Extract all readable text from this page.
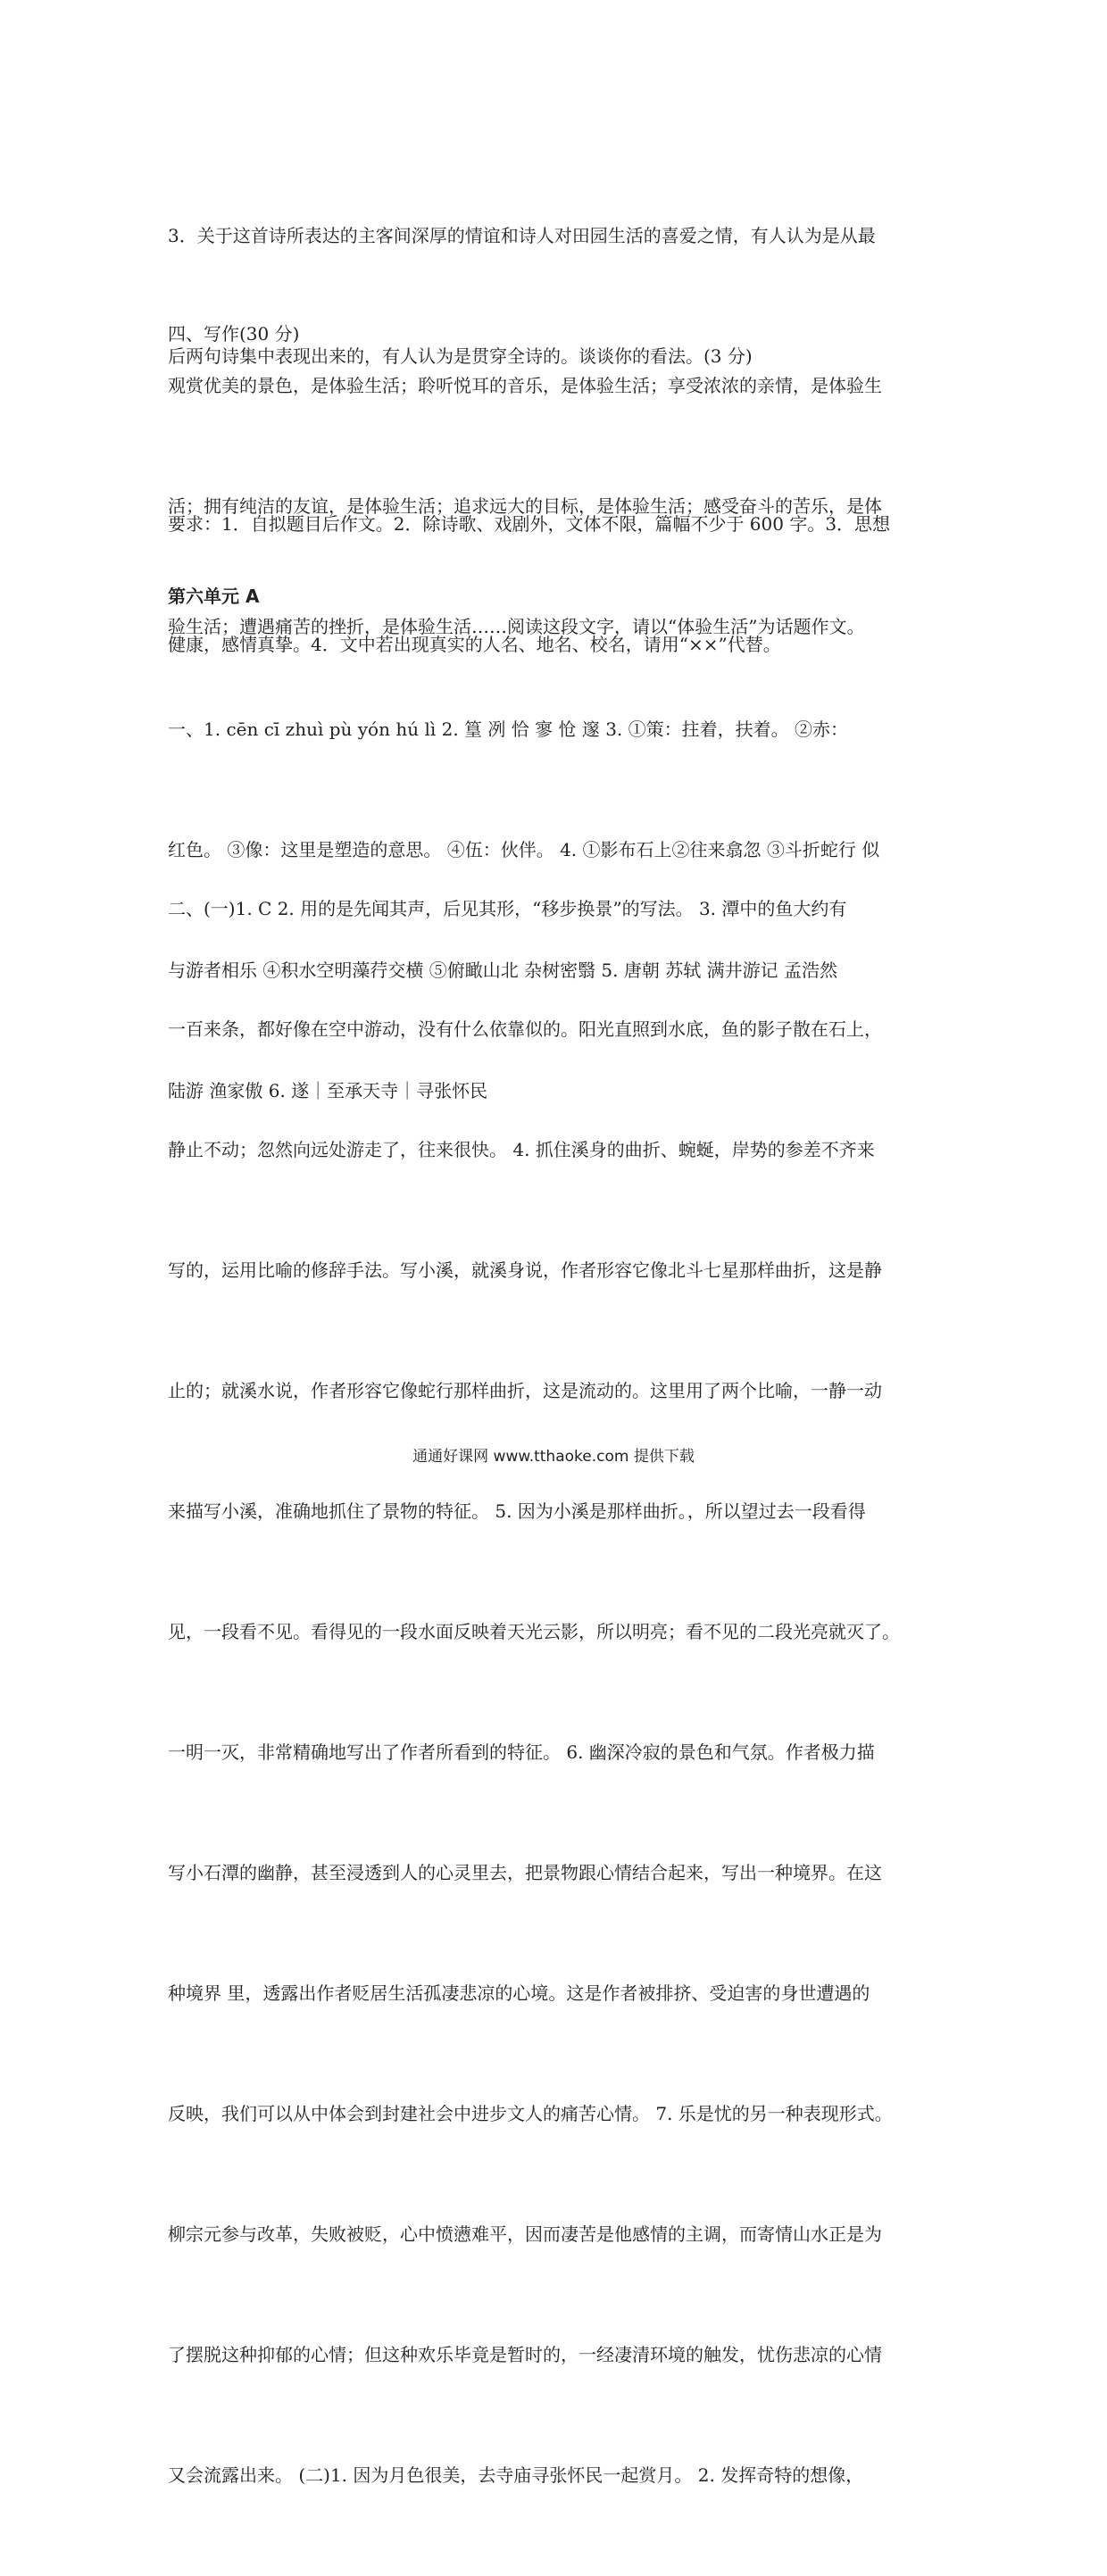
3．关于这首诗所表达的主客间深厚的情谊和诗人对田园生活的喜爱之情，有人认为是从最

后两句诗集中表现出来的，有人认为是贯穿全诗的。谈谈你的看法。(3 分)

四、写作(30 分)

观赏优美的景色，是体验生活；聆听悦耳的音乐，是体验生活；享受浓浓的亲情，是体验生

活；拥有纯洁的友谊，是体验生活；追求远大的目标，是体验生活；感受奋斗的苦乐，是体

验生活；遭遇痛苦的挫折，是体验生活……阅读这段文字，请以“体验生活”为话题作文。

要求：1．自拟题目后作文。2．除诗歌、戏剧外，文体不限，篇幅不少于 600 字。3．思想

健康，感情真挚。4．文中若出现真实的人名、地名、校名，请用“××”代替。

第六单元 A

一、1. cēn cī zhuì pù yón hú lì 2. 篁 冽 恰 寥 怆 邃 3. ①策：拄着，扶着。 ②赤：

红色。 ③像：这里是塑造的意思。 ④伍：伙伴。 4. ①影布石上②往来翕忽 ③斗折蛇行 似

与游者相乐 ④积水空明藻荇交横 ⑤俯瞰山北 杂树密翳 5. 唐朝 苏轼 满井游记 孟浩然

陆游 渔家傲 6. 遂｜至承天寺｜寻张怀民

二、(一)1. C 2. 用的是先闻其声，后见其形，“移步换景”的写法。 3. 潭中的鱼大约有

一百来条，都好像在空中游动，没有什么依靠似的。阳光直照到水底，鱼的影子散在石上，

静止不动；忽然向远处游走了，往来很快。 4. 抓住溪身的曲折、蜿蜒，岸势的参差不齐来

写的，运用比喻的修辞手法。写小溪，就溪身说，作者形容它像北斗七星那样曲折，这是静

止的；就溪水说，作者形容它像蛇行那样曲折，这是流动的。这里用了两个比喻，一静一动

来描写小溪，准确地抓住了景物的特征。 5. 因为小溪是那样曲折。，所以望过去一段看得

见，一段看不见。看得见的一段水面反映着天光云影，所以明亮；看不见的二段光亮就灭了。

一明一灭，非常精确地写出了作者所看到的特征。 6. 幽深冷寂的景色和气氛。作者极力描

写小石潭的幽静，甚至浸透到人的心灵里去，把景物跟心情结合起来，写出一种境界。在这

种境界 里，透露出作者贬居生活孤凄悲凉的心境。这是作者被排挤、受迫害的身世遭遇的

反映，我们可以从中体会到封建社会中进步文人的痛苦心情。 7. 乐是忧的另一种表现形式。

柳宗元参与改革，失败被贬，心中愤懑难平，因而凄苦是他感情的主调，而寄情山水正是为

了摆脱这种抑郁的心情；但这种欢乐毕竟是暂时的，一经凄清环境的触发，忧伤悲凉的心情

又会流露出来。 (二)1. 因为月色很美，去寺庙寻张怀民一起赏月。 2. 发挥奇特的想像，

通通好课网 www.tthaoke.com 提供下载
